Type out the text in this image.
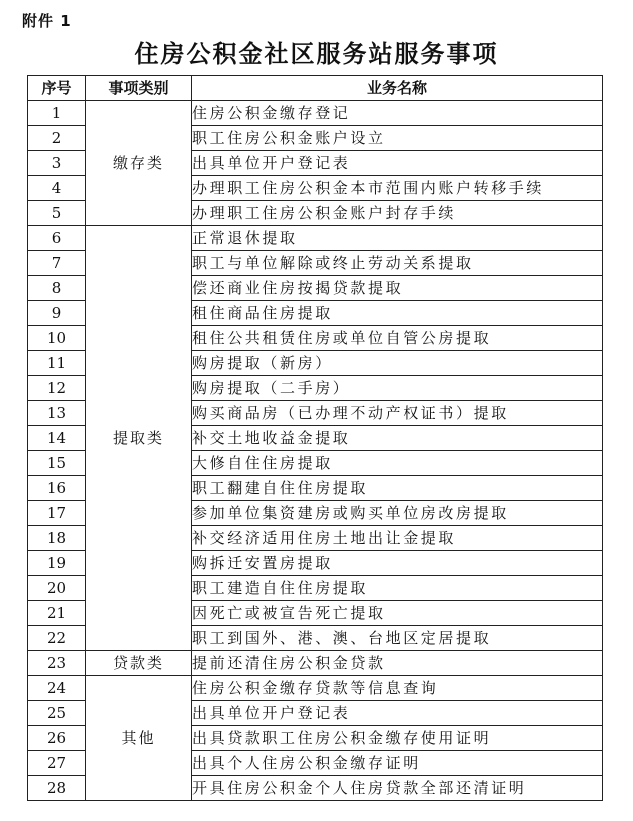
附件 1
住房公积金社区服务站服务事项
序号	事项类别	业务名称
1	缴存类	住房公积金缴存登记
2		职工住房公积金账户设立
3		出具单位开户登记表
4		办理职工住房公积金本市范围内账户转移手续
5		办理职工住房公积金账户封存手续
6	提取类	正常退休提取
7		职工与单位解除或终止劳动关系提取
8		偿还商业住房按揭贷款提取
9		租住商品住房提取
10		租住公共租赁住房或单位自管公房提取
11		购房提取（新房）
12		购房提取（二手房）
13		购买商品房（已办理不动产权证书）提取
14		补交土地收益金提取
15		大修自住住房提取
16		职工翻建自住住房提取
17		参加单位集资建房或购买单位房改房提取
18		补交经济适用住房土地出让金提取
19		购拆迁安置房提取
20		职工建造自住住房提取
21		因死亡或被宣告死亡提取
22		职工到国外、港、澳、台地区定居提取
23	贷款类	提前还清住房公积金贷款
24	其他	住房公积金缴存贷款等信息查询
25		出具单位开户登记表
26		出具贷款职工住房公积金缴存使用证明
27		出具个人住房公积金缴存证明
28		开具住房公积金个人住房贷款全部还清证明
